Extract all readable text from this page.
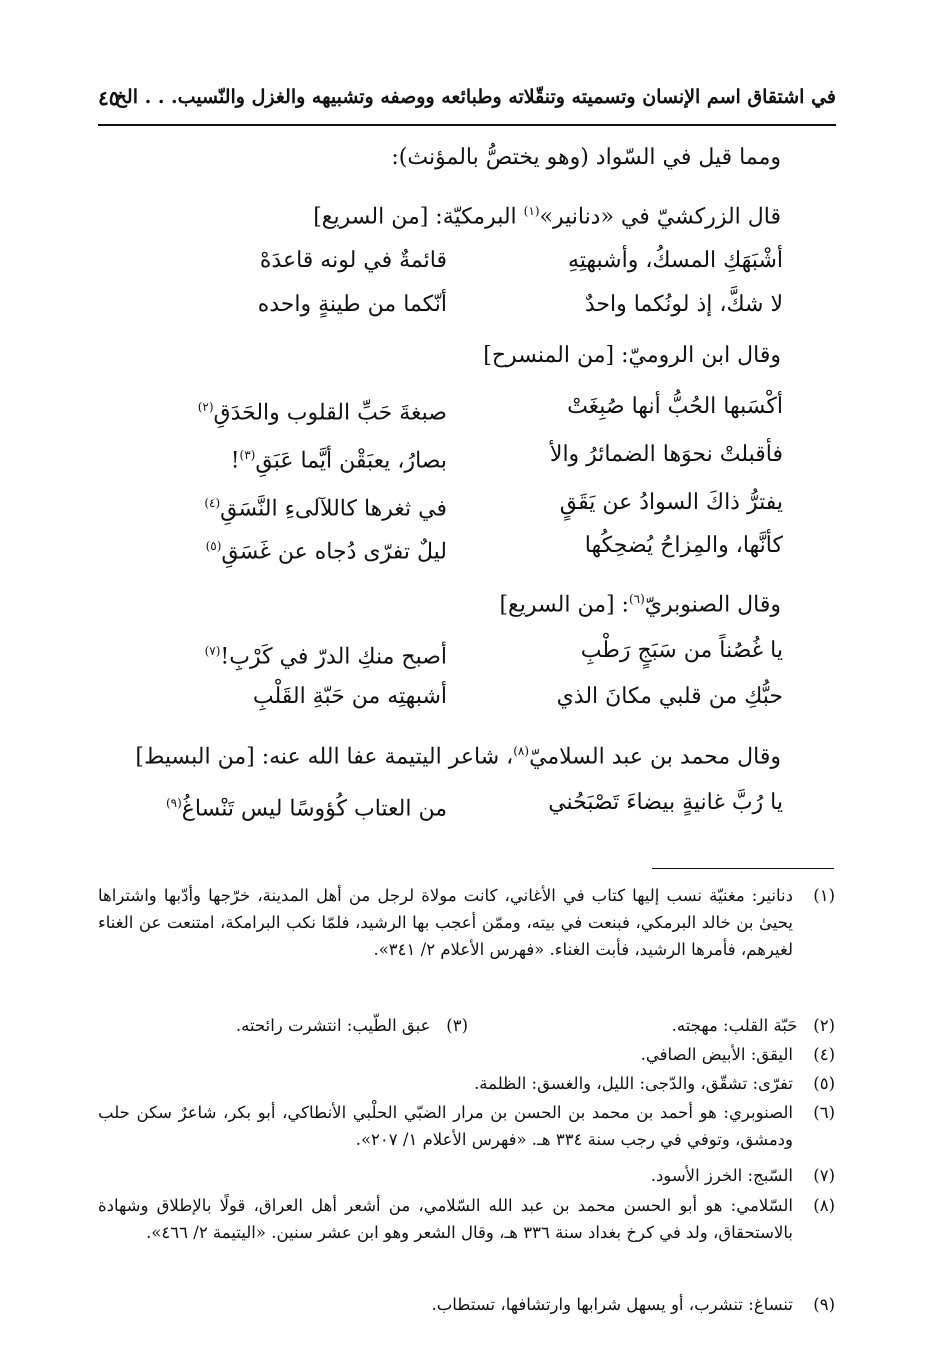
في اشتقاق اسم الإنسان وتسميته وتنقّلاته وطبائعه ووصفه وتشبيهه والغزل والنّسيب. . . الخ
٤٥
ومما قيل في السّواد (وهو يختصُّ بالمؤنث):
قال الزركشيّ في «دنانير»$^{(١)}$ البرمكيّة: [من السريع]
أشْبَهَكِ المسكُ، وأشبهتِهِ
قائمةٌ في لونه قاعدَهْ
لا شكَّ، إذ لونُكما واحدٌ
أنّكما من طينةٍ واحده
وقال ابن الروميّ: [من المنسرح]
أكْسَبها الحُبُّ أنها صُبِغَتْ
صبغةَ حَبِّ القلوب والحَدَقِ$^{(٢)}$
فأقبلتْ نحوَها الضمائرُ والأ
بصارُ، يعبَقْن أيَّما عَبَقِ$^{(٣)}$!
يفترُّ ذاكَ السوادُ عن يَقَقٍ
في ثغرها كاللآلىءِ النَّسَقِ$^{(٤)}$
كأنَّها، والمِزاحُ يُضحِكُها
ليلٌ تفرّى دُجاه عن غَسَقِ$^{(٥)}$
وقال الصنوبريّ$^{(٦)}$: [من السريع]
يا غُصُناً من سَبَجٍ رَطْبِ
أصبح منكِ الدرّ في كَرْبِ!$^{(٧)}$
حبُّكِ من قلبي مكانَ الذي
أشبهتِه من حَبّةِ القَلْبِ
وقال محمد بن عبد السلاميّ$^{(٨)}$، شاعر اليتيمة عفا الله عنه: [من البسيط]
يا رُبَّ غانيةٍ بيضاءَ تَصْبَحُني
من العتاب كُؤوسًا ليس تَنْساغُ$^{(٩)}$
(١)
دنانير: مغنيّة نسب إليها كتاب في الأغاني، كانت مولاة لرجل من أهل المدينة، خرّجها وأدّبها واشتراها يحيىٰ بن خالد البرمكي، فبنعت في بيته، وممّن أعجب بها الرشيد، فلمّا نكب البرامكة، امتنعت عن الغناء لغيرهم، فأمرها الرشيد، فأبت الغناء. «فهرس الأعلام ٢/ ٣٤١».
(٢)   حَبّة القلب: مهجته.
(٣)   عبق الطّيب: انتشرت رائحته.
(٤)
اليقق: الأبيض الصافي.
(٥)
تفرّى: تشقّق، والدّجى: الليل، والغسق: الظلمة.
(٦)
الصنوبري: هو أحمد بن محمد بن الحسن بن مرار الضبّي الحلْبي الأنطاكي، أبو بكر، شاعرٌ سكن حلب ودمشق، وتوفي في رجب سنة ٣٣٤ هـ. «فهرس الأعلام ١/ ٢٠٧».
(٧)
السّبج: الخرز الأسود.
(٨)
السّلامي: هو أبو الحسن محمد بن عبد الله السّلامي، من أشعر أهل العراق، قولًا بالإطلاق وشهادة بالاستحقاق، ولد في كرخ بغداد سنة ٣٣٦ هـ، وقال الشعر وهو ابن عشر سنين. «اليتيمة ٢/ ٤٦٦».
(٩)
تنساغ: تنشرب، أو يسهل شرابها وارتشافها، تستطاب.
